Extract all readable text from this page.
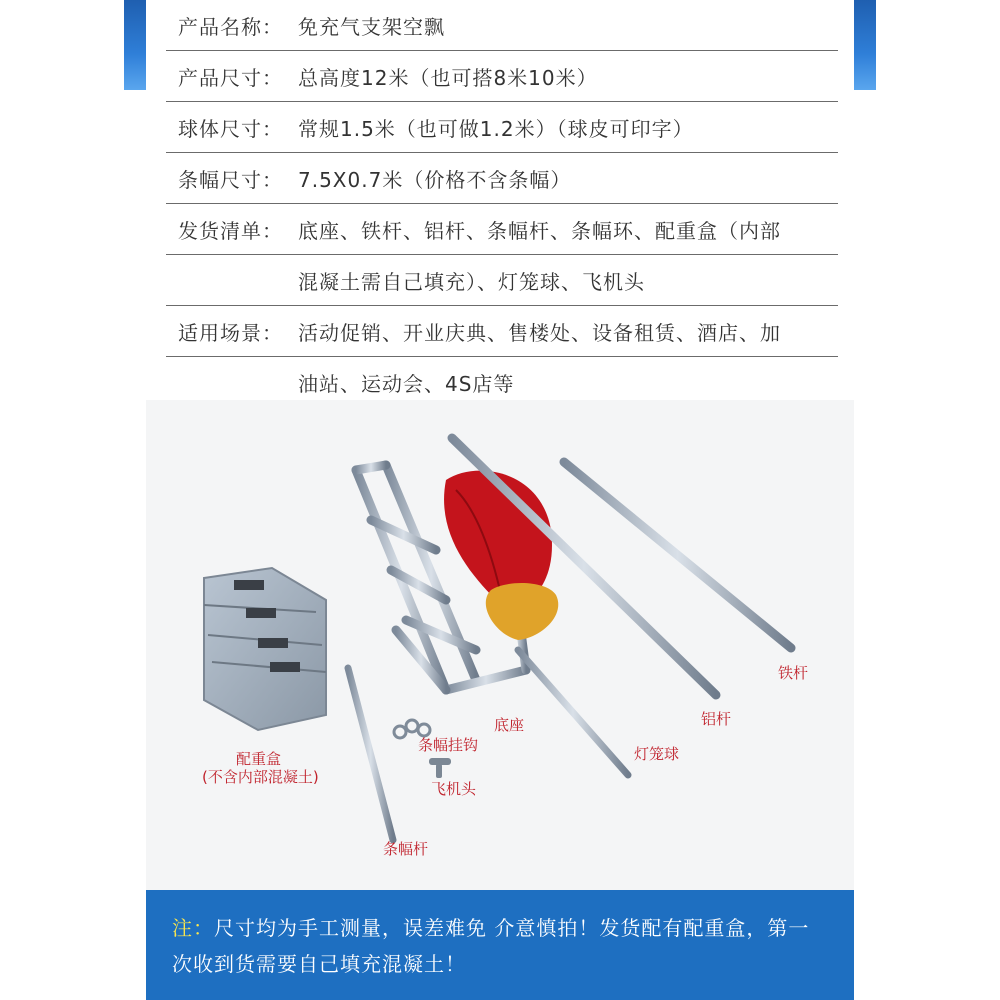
产品名称： 免充气支架空飘
产品尺寸： 总高度12米（也可搭8米10米）
球体尺寸： 常规1.5米（也可做1.2米）（球皮可印字）
条幅尺寸： 7.5X0.7米（价格不含条幅）
发货清单： 底座、铁杆、铝杆、条幅杆、条幅环、配重盒（内部
混凝土需自己填充）、灯笼球、飞机头
适用场景： 活动促销、开业庆典、售楼处、设备租赁、酒店、加
油站、运动会、4S店等
配重盒
(不含内部混凝土)
条幅挂钩
飞机头
条幅杆
底座
灯笼球
铝杆
铁杆
注：尺寸均为手工测量，误差难免 介意慎拍！发货配有配重盒，第一次收到货需要自己填充混凝土！
